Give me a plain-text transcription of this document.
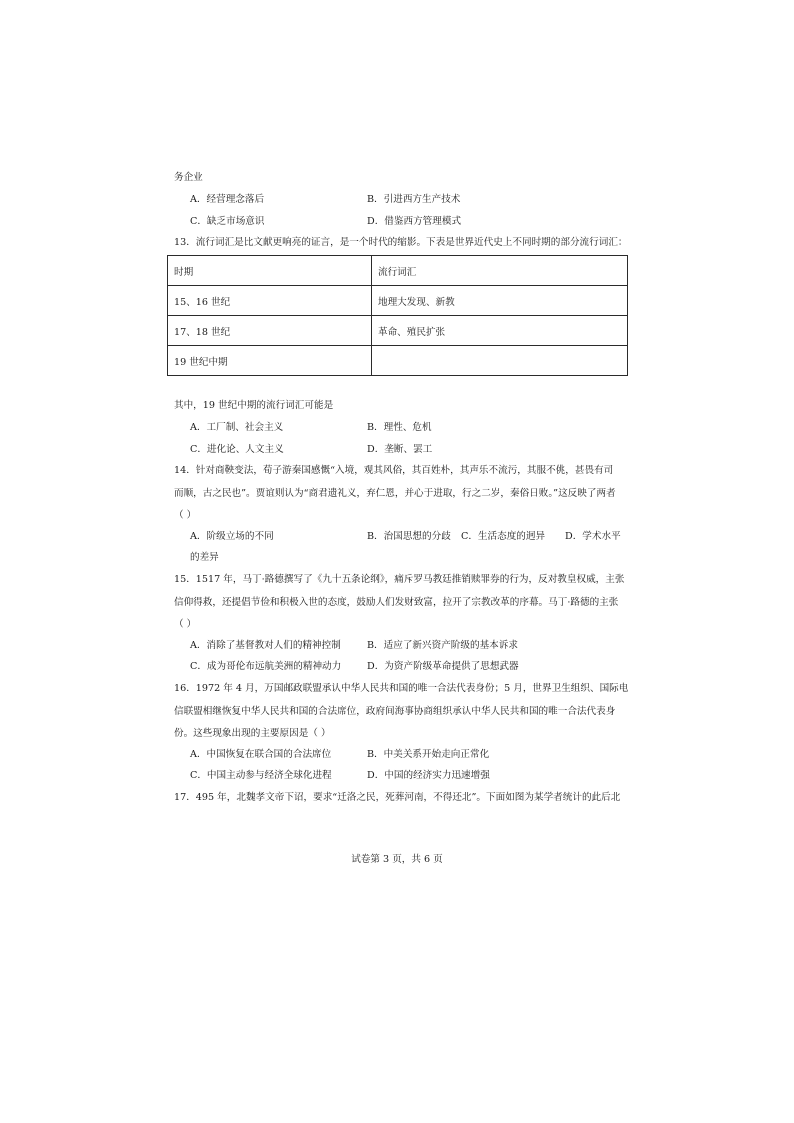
务企业
A．经营理念落后	B．引进西方生产技术
C．缺乏市场意识	D．借鉴西方管理模式
13．流行词汇是比文献更响亮的证言，是一个时代的缩影。下表是世界近代史上不同时期的部分流行词汇：
时期	流行词汇
15、16 世纪	地理大发现、新教
17、18 世纪	革命、殖民扩张
19 世纪中期	
其中，19 世纪中期的流行词汇可能是
A．工厂制、社会主义	B．理性、危机
C．进化论、人文主义	D．垄断、罢工
14．针对商鞅变法，荀子游秦国感慨“入境，观其风俗，其百姓朴，其声乐不流污，其服不佻，甚畏有司
而顺，古之民也”。贾谊则认为“商君遗礼义，弃仁恩，并心于进取，行之二岁，秦俗日败。”这反映了两者
（ ）
A．阶级立场的不同	B．治国思想的分歧 C．生活态度的迥异 D．学术水平
的差异
15．1517 年，马丁·路德撰写了《九十五条论纲》，痛斥罗马教廷推销赎罪券的行为，反对教皇权威，主张
信仰得救，还提倡节俭和积极入世的态度，鼓励人们发财致富，拉开了宗教改革的序幕。马丁·路德的主张
（ ）
A．消除了基督教对人们的精神控制	B．适应了新兴资产阶级的基本诉求
C．成为哥伦布远航美洲的精神动力	D．为资产阶级革命提供了思想武器
16．1972 年 4 月，万国邮政联盟承认中华人民共和国的唯一合法代表身份；5 月，世界卫生组织、国际电
信联盟相继恢复中华人民共和国的合法席位，政府间海事协商组织承认中华人民共和国的唯一合法代表身
份。这些现象出现的主要原因是（ ）
A．中国恢复在联合国的合法席位	B．中美关系开始走向正常化
C．中国主动参与经济全球化进程	D．中国的经济实力迅速增强
17．495 年，北魏孝文帝下诏，要求“迁洛之民，死葬河南，不得还北”。下面如图为某学者统计的此后北
试卷第 3 页，共 6 页
